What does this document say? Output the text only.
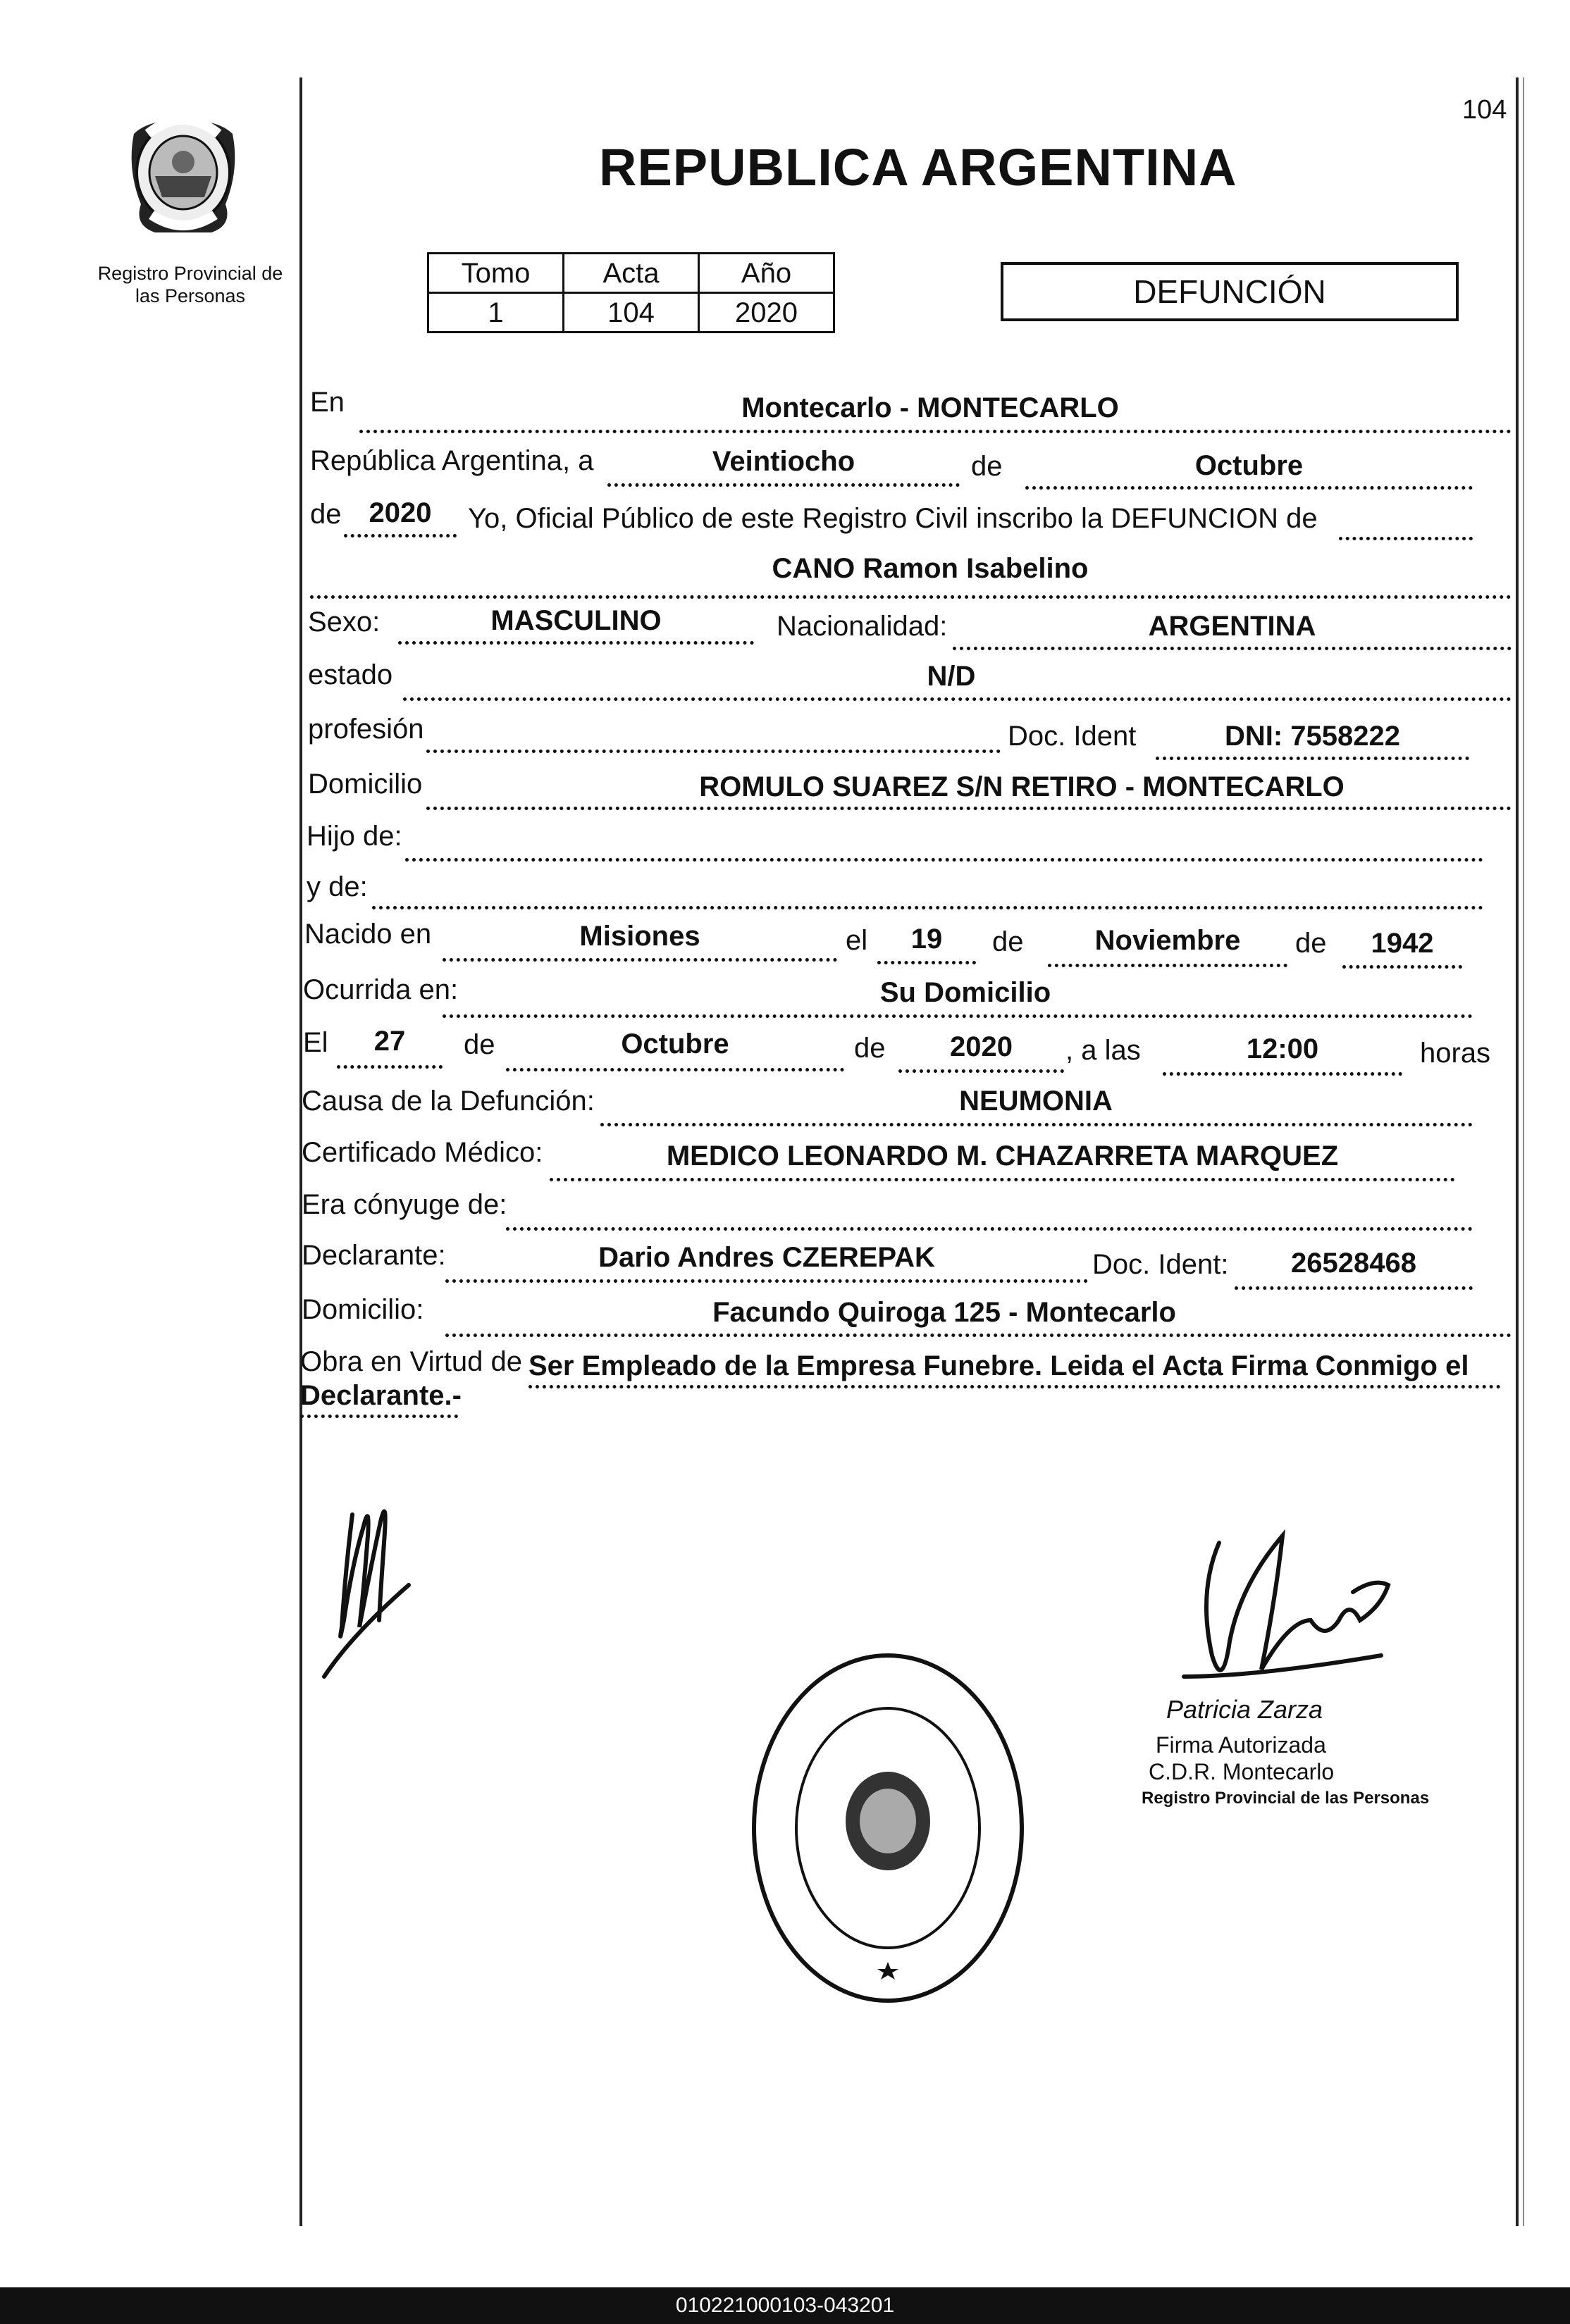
Registro Provincial de
las Personas
104
REPUBLICA ARGENTINA
Tomo	Acta	Año
1	104	2020
DEFUNCIÓN
En	Montecarlo - MONTECARLO
República Argentina, a	Veintiocho	de	Octubre
de 2020	Yo, Oficial Público de este Registro Civil inscribo la DEFUNCION de
CANO Ramon Isabelino
Sexo:	MASCULINO	Nacionalidad:	ARGENTINA
estado	N/D
profesión	Doc. Ident	DNI: 7558222
Domicilio	ROMULO SUAREZ S/N RETIRO - MONTECARLO
Hijo de:
y de:
Nacido en	Misiones	el	19	de	Noviembre	de	1942
Ocurrida en:	Su Domicilio
El	27	de	Octubre	de	2020	, a las	12:00	horas
Causa de la Defunción:	NEUMONIA
Certificado Médico:	MEDICO LEONARDO M. CHAZARRETA MARQUEZ
Era cónyuge de:
Declarante:	Dario Andres CZEREPAK	Doc. Ident:	26528468
Domicilio:	Facundo Quiroga 125 - Montecarlo
Obra en Virtud de Ser Empleado de la Empresa Funebre. Leida el Acta Firma Conmigo el
Declarante.-
Patricia Zarza
Firma Autorizada
C.D.R. Montecarlo
Registro Provincial de las Personas
010221000103-043201
